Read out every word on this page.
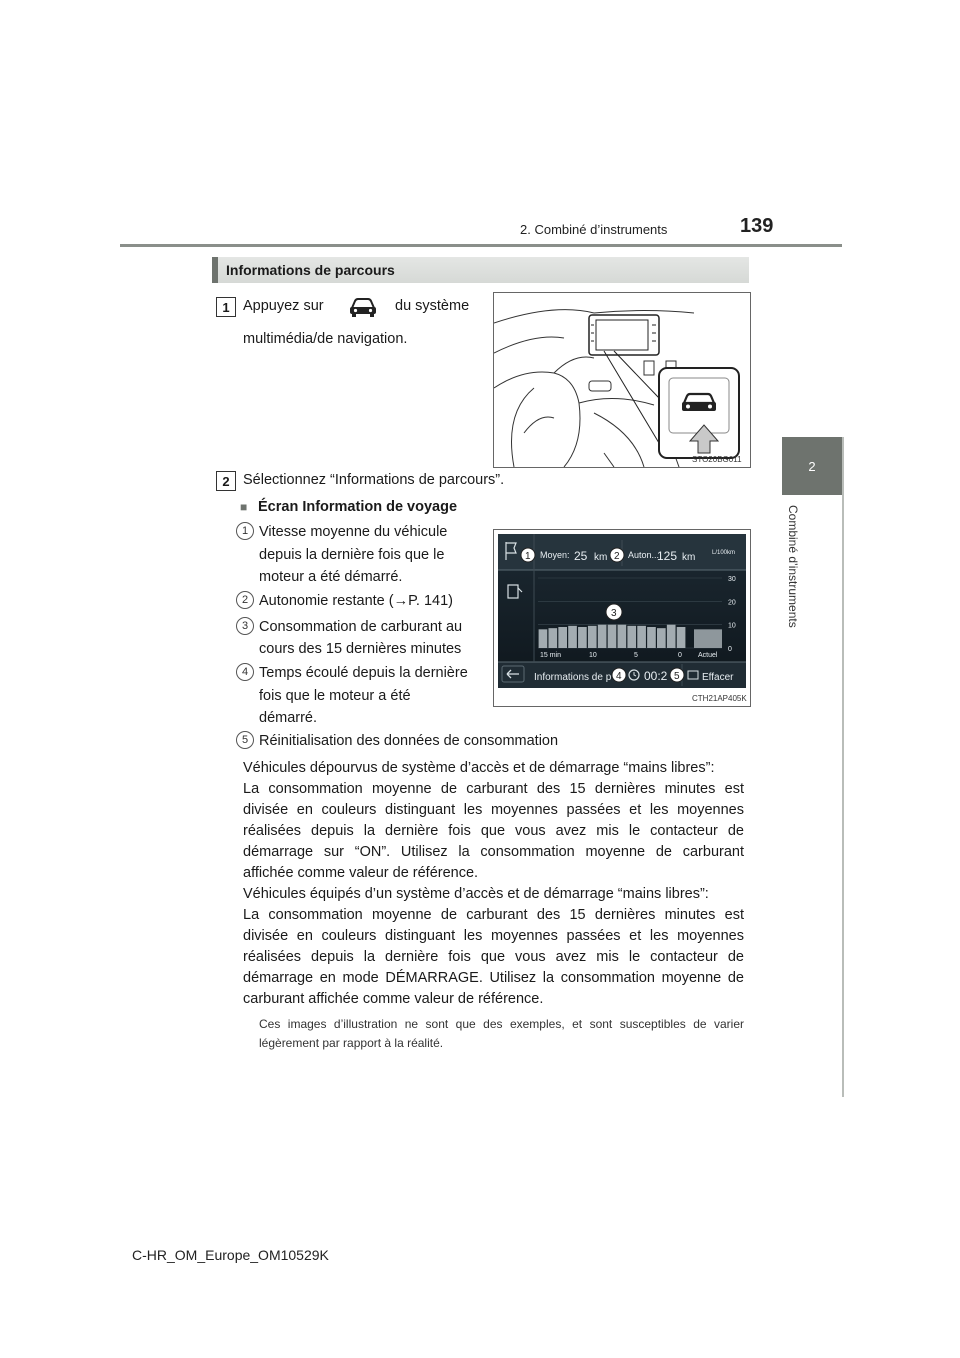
2. Combiné d’instruments	139
2
Combiné d’instruments
Informations de parcours
1 Appuyez sur	du système
multimédia/de navigation.
STO20BG011
2 Sélectionnez “Informations de parcours”.
■ Écran Information de voyage
1 Vitesse moyenne du véhicule
depuis la dernière fois que le
moteur a été démarré.
2 Autonomie restante (→P. 141)
3 Consommation de carburant au
cours des 15 dernières minutes
4 Temps écoulé depuis la dernière
fois que le moteur a été
démarré.
5 Réinitialisation des données de consommation
Moyen: 25 km Auton...
125 km	L/100km
30
20
10
0
15 min	10	5	0 Actuel
Informations de p	00:2	Effacer
1	2
3
4	5
CTH21AP405K
Véhicules dépourvus de système d’accès et de démarrage “mains libres”:
La consommation moyenne de carburant des 15 dernières minutes est divisée en couleurs distinguant les moyennes passées et les moyennes réalisées depuis la dernière fois que vous avez mis le contacteur de démarrage sur “ON”. Utilisez la consommation moyenne de carburant affichée comme valeur de référence.
Véhicules équipés d’un système d’accès et de démarrage “mains libres”:
La consommation moyenne de carburant des 15 dernières minutes est divisée en couleurs distinguant les moyennes passées et les moyennes réalisées depuis la dernière fois que vous avez mis le contacteur de démarrage en mode DÉMARRAGE. Utilisez la consommation moyenne de carburant affichée comme valeur de référence.
Ces images d’illustration ne sont que des exemples, et sont susceptibles de varier légèrement par rapport à la réalité.
C-HR_OM_Europe_OM10529K
